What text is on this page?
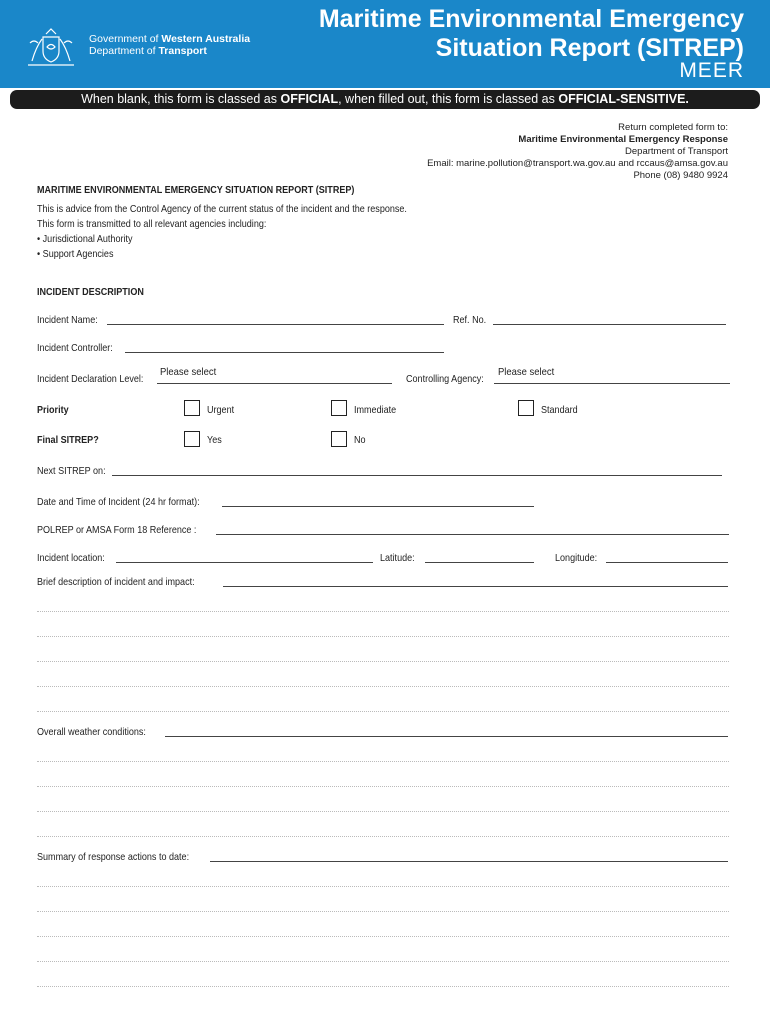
Government of Western Australia
Department of Transport
Maritime Environmental Emergency
Situation Report (SITREP)
MEER
When blank, this form is classed as OFFICIAL, when filled out, this form is classed as OFFICIAL-SENSITIVE.
Return completed form to:
Maritime Environmental Emergency Response
Department of Transport
Email: marine.pollution@transport.wa.gov.au and rccaus@amsa.gov.au
Phone (08) 9480 9924
MARITIME ENVIRONMENTAL EMERGENCY SITUATION REPORT (SITREP)
This is advice from the Control Agency of the current status of the incident and the response.
This form is transmitted to all relevant agencies including:
• Jurisdictional Authority
• Support Agencies
INCIDENT DESCRIPTION
Incident Name:	Ref. No.
Incident Controller:
Incident Declaration Level:
Please select
Controlling Agency:
Please select
Priority	Urgent	Immediate	Standard
Final SITREP?	Yes	No
Next SITREP on:
Date and Time of Incident (24 hr format):
POLREP or AMSA Form 18 Reference :
Incident location:	Latitude:	Longitude:
Brief description of incident and impact:
Overall weather conditions:
Summary of response actions to date:
